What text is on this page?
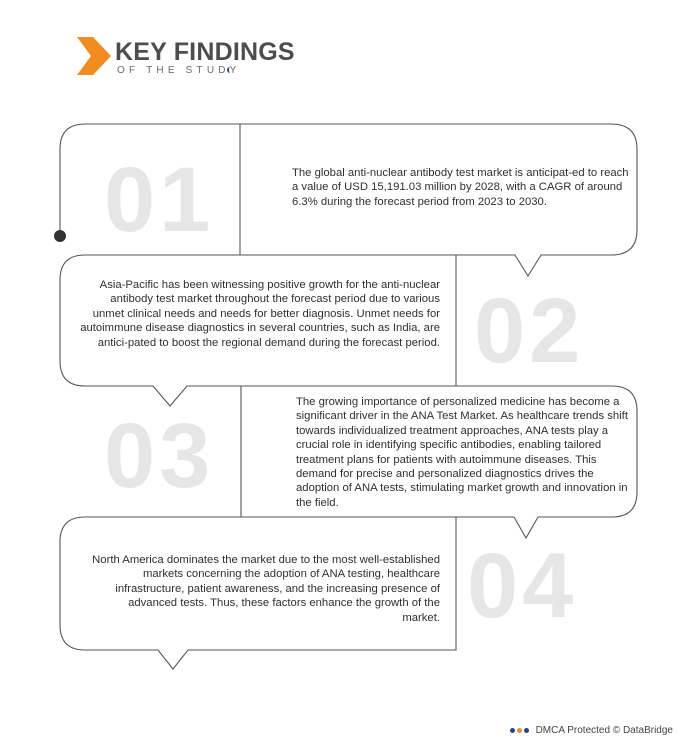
KEY FINDINGS
OF THE STUDY
01	The global anti-nuclear antibody test market is anticipat-ed to reach a value of USD 15,191.03 million by 2028, with a CAGR of around 6.3% during the forecast period from 2023 to 2030.
02
Asia-Pacific has been witnessing positive growth for the anti-nuclear antibody test market throughout the forecast period due to various unmet clinical needs and needs for better diagnosis. Unmet needs for autoimmune disease diagnostics in several countries, such as India, are antici-pated to boost the regional demand during the forecast period.
03
The growing importance of personalized medicine has become a significant driver in the ANA Test Market. As healthcare trends shift towards individualized treatment approaches, ANA tests play a crucial role in identifying specific antibodies, enabling tailored treatment plans for patients with autoimmune diseases. This demand for precise and personalized diagnostics drives the adoption of ANA tests, stimulating market growth and innovation in the field.
04
North America dominates the market due to the most well-established markets concerning the adoption of ANA testing, healthcare infrastructure, patient awareness, and the increasing presence of advanced tests. Thus, these factors enhance the growth of the market.
DMCA Protected © DataBridge
